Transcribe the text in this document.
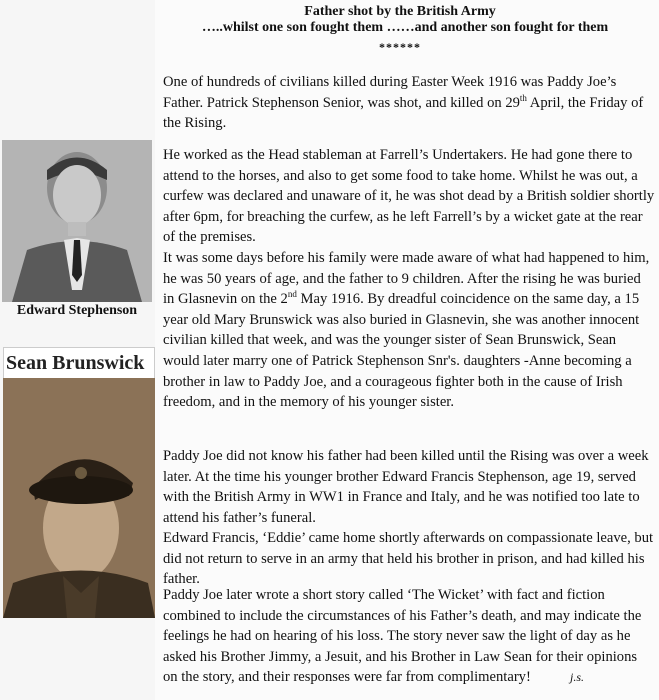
Edward Stephenson
Sean Brunswick
Father shot by the British Army
…..whilst one son fought them ……and another son fought for them
******
One of hundreds of civilians killed during Easter Week 1916 was Paddy Joe’s Father. Patrick Stephenson Senior, was shot, and killed on 29th April, the Friday of the Rising.
He worked as the Head stableman at Farrell’s Undertakers. He had gone there to attend to the horses, and also to get some food to take home. Whilst he was out, a curfew was declared and unaware of it, he was shot dead by a British soldier shortly after 6pm, for breaching the curfew, as he left Farrell’s by a wicket gate at the rear of the premises.
It was some days before his family were made aware of what had happened to him, he was 50 years of age, and the father to 9 children. After the rising he was buried in Glasnevin on the 2nd May 1916. By dreadful coincidence on the same day, a 15 year old Mary Brunswick was also buried in Glasnevin, she was another innocent civilian killed that week, and was the younger sister of Sean Brunswick, Sean would later marry one of Patrick Stephenson Snr's. daughters -Anne becoming a brother in law to Paddy Joe, and a courageous fighter both in the cause of Irish freedom, and in the memory of his younger sister.
Paddy Joe did not know his father had been killed until the Rising was over a week later. At the time his younger brother Edward Francis Stephenson, age 19, served with the British Army in WW1 in France and Italy, and he was notified too late to attend his father’s funeral.
Edward Francis, ‘Eddie’ came home shortly afterwards on compassionate leave, but did not return to serve in an army that held his brother in prison, and had killed his father.
Paddy Joe later wrote a short story called ‘The Wicket’ with fact and fiction combined to include the circumstances of his Father’s death, and may indicate the feelings he had on hearing of his loss. The story never saw the light of day as he asked his Brother Jimmy, a Jesuit, and his Brother in Law Sean for their opinions on the story, and their responses were far from complimentary!	j.s.
